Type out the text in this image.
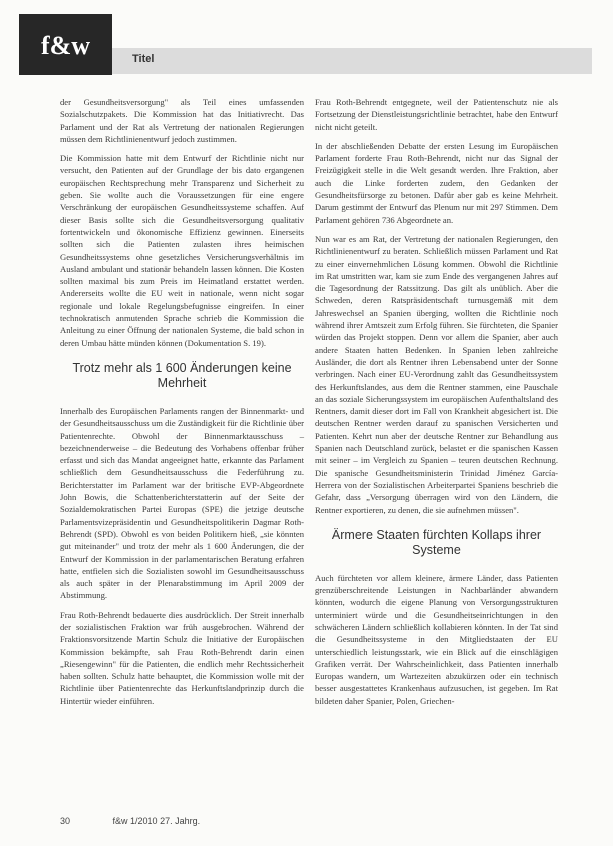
f&w	Titel

der Gesundheitsversorgung" als Teil eines umfassenden Sozialschutzpakets. Die Kommission hat das Initiativrecht. Das Parlament und der Rat als Vertretung der nationalen Regierungen müssen dem Richtlinienentwurf jedoch zustimmen.

Die Kommission hatte mit dem Entwurf der Richtlinie nicht nur versucht, den Patienten auf der Grundlage der bis dato ergangenen europäischen Rechtsprechung mehr Transparenz und Sicherheit zu geben. Sie wollte auch die Voraussetzungen für eine engere Verschränkung der europäischen Gesundheitssysteme schaffen. Auf dieser Basis sollte sich die Gesundheitsversorgung qualitativ fortentwickeln und ökonomische Effizienz gewinnen. Einerseits sollten sich die Patienten zulasten ihres heimischen Gesundheitssystems ohne gesetzliches Versicherungsverhältnis im Ausland ambulant und stationär behandeln lassen können. Die Kosten sollten maximal bis zum Preis im Heimatland erstattet werden. Andererseits wollte die EU weit in nationale, wenn nicht sogar regionale und lokale Regelungsbefugnisse eingreifen. In einer technokratisch anmutenden Sprache schrieb die Kommission die Anleitung zu einer Öffnung der nationalen Systeme, die bald schon in deren Umbau hätte münden können (Dokumentation S. 19).

Trotz mehr als 1 600 Änderungen keine Mehrheit

Innerhalb des Europäischen Parlaments rangen der Binnenmarkt- und der Gesundheitsausschuss um die Zuständigkeit für die Richtlinie über Patientenrechte. Obwohl der Binnenmarktausschuss – bezeichnenderweise – die Bedeutung des Vorhabens offenbar früher erfasst und sich das Mandat angeeignet hatte, erkannte das Parlament schließlich dem Gesundheitsausschuss die Federführung zu. Berichterstatter im Parlament war der britische EVP-Abgeordnete John Bowis, die Schattenberichterstatterin auf der Seite der Sozialdemokratischen Partei Europas (SPE) die jetzige deutsche Parlamentsvizepräsidentin und Gesundheitspolitikerin Dagmar Roth-Behrendt (SPD). Obwohl es von beiden Politikern hieß, „sie könnten gut miteinander" und trotz der mehr als 1 600 Änderungen, die der Entwurf der Kommission in der parlamentarischen Beratung erfahren hatte, entfielen sich die Sozialisten sowohl im Gesundheitsausschuss als auch später in der Plenarabstimmung im April 2009 der Abstimmung.

Frau Roth-Behrendt bedauerte dies ausdrücklich. Der Streit innerhalb der sozialistischen Fraktion war früh ausgebrochen. Während der Fraktionsvorsitzende Martin Schulz die Initiative der Europäischen Kommission bekämpfte, sah Frau Roth-Behrendt darin einen „Riesengewinn" für die Patienten, die endlich mehr Rechtssicherheit haben sollten. Schulz hatte behauptet, die Kommission wolle mit der Richtlinie über Patientenrechte das Herkunftslandprinzip durch die Hintertür wieder einführen.

Frau Roth-Behrendt entgegnete, weil der Patientenschutz nie als Fortsetzung der Dienstleistungsrichtlinie betrachtet, habe den Entwurf nicht nicht geteilt.

In der abschließenden Debatte der ersten Lesung im Europäischen Parlament forderte Frau Roth-Behrendt, nicht nur das Signal der Freizügigkeit stelle in die Welt gesandt werden. Ihre Fraktion, aber auch die Linke forderten zudem, den Gedanken der Gesundheitsfürsorge zu betonen. Dafür aber gab es keine Mehrheit. Darum gestimmt der Entwurf das Plenum nur mit 297 Stimmen. Dem Parlament gehören 736 Abgeordnete an.

Nun war es am Rat, der Vertretung der nationalen Regierungen, den Richtlinienentwurf zu beraten. Schließlich müssen Parlament und Rat zu einer einvernehmlichen Lösung kommen. Obwohl die Richtlinie im Rat umstritten war, kam sie zum Ende des vergangenen Jahres auf die Tagesordnung der Ratssitzung. Das gilt als unüblich. Aber die Schweden, deren Ratspräsidentschaft turnusgemäß mit dem Jahreswechsel an Spanien überging, wollten die Richtlinie noch während ihrer Amtszeit zum Erfolg führen. Sie fürchteten, die Spanier würden das Projekt stoppen. Denn vor allem die Spanier, aber auch andere Staaten hatten Bedenken. In Spanien leben zahlreiche Ausländer, die dort als Rentner ihren Lebensabend unter der Sonne verbringen. Nach einer EU-Verordnung zahlt das Gesundheitssystem des Herkunftslandes, aus dem die Rentner stammen, eine Pauschale an das soziale Sicherungssystem im europäischen Aufenthaltsland des Rentners, damit dieser dort im Fall von Krankheit abgesichert ist. Die deutschen Rentner werden darauf zu spanischen Versicherten und Patienten. Kehrt nun aber der deutsche Rentner zur Behandlung aus Spanien nach Deutschland zurück, belastet er die spanischen Kassen mit seiner – im Vergleich zu Spanien – teuren deutschen Rechnung. Die spanische Gesundheitsministerin Trinidad Jiménez García-Herrera von der Sozialistischen Arbeiterpartei Spaniens beschrieb die Gefahr, dass „Versorgung überragen wird von den Ländern, die Rentner exportieren, zu denen, die sie aufnehmen müssen".

Ärmere Staaten fürchten Kollaps ihrer Systeme

Auch fürchteten vor allem kleinere, ärmere Länder, dass Patienten grenzüberschreitende Leistungen in Nachbarländer abwandern könnten, wodurch die eigene Planung von Versorgungsstrukturen unterminiert würde und die Gesundheitseinrichtungen in den schwächeren Ländern schließlich kollabieren könnten. In der Tat sind die Gesundheitssysteme in den Mitgliedstaaten der EU unterschiedlich leistungsstark, wie ein Blick auf die einschlägigen Grafiken verrät. Der Wahrscheinlichkeit, dass Patienten innerhalb Europas wandern, um Wartezeiten abzukürzen oder ein technisch besser ausgestattetes Krankenhaus aufzusuchen, ist gegeben. Im Rat bildeten daher Spanier, Polen, Griechen-

30	f&w 1/2010 27. Jahrg.
